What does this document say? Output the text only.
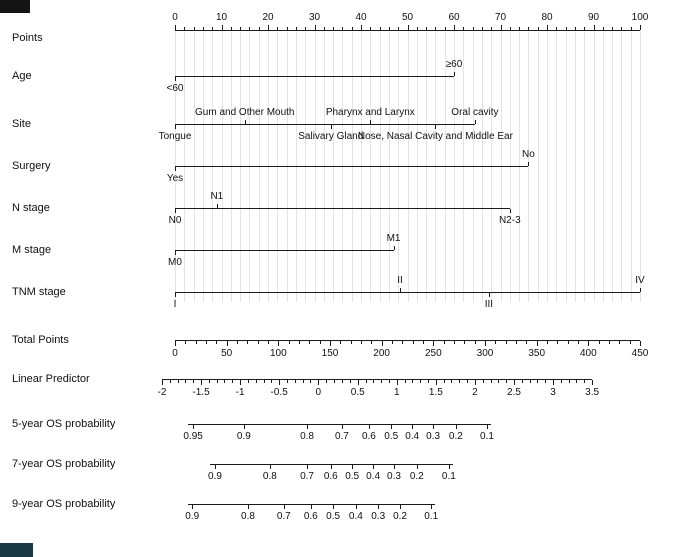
Points
0	10	20	30	40	50	60	70	80	90	100
Age
<60
≥60
Site
Tongue
Gum and Other Mouth
Salivary Gland
Pharynx and Larynx
Nose, Nasal Cavity and Middle Ear
Oral cavity
Surgery
Yes
No
N stage
N0
N1
N2-3
M stage
M0
M1
TNM stage
I
II
III
IV
Total Points
0	50	100	150	200	250	300	350	400	450
Linear Predictor
-2	-1.5	-1	-0.5	0	0.5	1	1.5	2	2.5	3	3.5
5-year OS probability
0.95	0.9	0.8 0.7 0.6 0.5 0.4 0.3 0.2 0.1
7-year OS probability
0.9	0.8 0.7 0.6 0.5 0.4 0.3 0.2 0.1
9-year OS probability
0.9	0.8 0.7 0.6 0.5 0.4 0.3 0.2 0.1
